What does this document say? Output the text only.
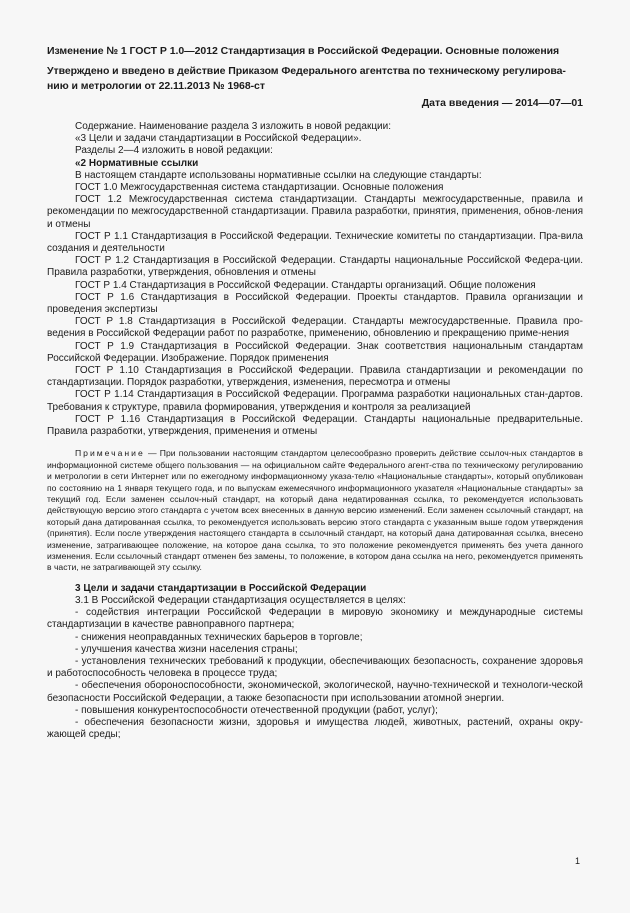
Изменение № 1 ГОСТ Р 1.0—2012 Стандартизация в Российской Федерации. Основные положения

Утверждено и введено в действие Приказом Федерального агентства по техническому регулирова-

нию и метрологии от 22.11.2013 № 1968-ст

Дата введения — 2014—07—01

Содержание. Наименование раздела 3 изложить в новой редакции:

«3 Цели и задачи стандартизации в Российской Федерации».

Разделы 2—4 изложить в новой редакции:

«2 Нормативные ссылки

В настоящем стандарте использованы нормативные ссылки на следующие стандарты:

ГОСТ 1.0 Межгосударственная система стандартизации. Основные положения

ГОСТ 1.2 Межгосударственная система стандартизации. Стандарты межгосударственные, правила и рекомендации по межгосударственной стандартизации. Правила разработки, принятия, применения, обнов-ления и отмены

ГОСТ Р 1.1 Стандартизация в Российской Федерации. Технические комитеты по стандартизации. Пра-вила создания и деятельности

ГОСТ Р 1.2 Стандартизация в Российской Федерации. Стандарты национальные Российской Федера-ции. Правила разработки, утверждения, обновления и отмены

ГОСТ Р 1.4 Стандартизация в Российской Федерации. Стандарты организаций. Общие положения

ГОСТ Р 1.6 Стандартизация в Российской Федерации. Проекты стандартов. Правила организации и проведения экспертизы

ГОСТ Р 1.8 Стандартизация в Российской Федерации. Стандарты межгосударственные. Правила про-ведения в Российской Федерации работ по разработке, применению, обновлению и прекращению приме-нения

ГОСТ Р 1.9 Стандартизация в Российской Федерации. Знак соответствия национальным стандартам Российской Федерации. Изображение. Порядок применения

ГОСТ Р 1.10 Стандартизация в Российской Федерации. Правила стандартизации и рекомендации по стандартизации. Порядок разработки, утверждения, изменения, пересмотра и отмены

ГОСТ Р 1.14 Стандартизация в Российской Федерации. Программа разработки национальных стан-дартов. Требования к структуре, правила формирования, утверждения и контроля за реализацией

ГОСТ Р 1.16 Стандартизация в Российской Федерации. Стандарты национальные предварительные. Правила разработки, утверждения, применения и отмены

Примечание — При пользовании настоящим стандартом целесообразно проверить действие ссылоч-ных стандартов в информационной системе общего пользования — на официальном сайте Федерального агент-ства по техническому регулированию и метрологии в сети Интернет или по ежегодному информационному указа-телю «Национальные стандарты», который опубликован по состоянию на 1 января текущего года, и по выпускам ежемесячного информационного указателя «Национальные стандарты» за текущий год. Если заменен ссылоч-ный стандарт, на который дана недатированная ссылка, то рекомендуется использовать действующую версию этого стандарта с учетом всех внесенных в данную версию изменений. Если заменен ссылочный стандарт, на который дана датированная ссылка, то рекомендуется использовать версию этого стандарта с указанным выше годом утверждения (принятия). Если после утверждения настоящего стандарта в ссылочный стандарт, на который дана датированная ссылка, внесено изменение, затрагивающее положение, на которое дана ссылка, то это положение рекомендуется применять без учета данного изменения. Если ссылочный стандарт отменен без замены, то положение, в котором дана ссылка на него, рекомендуется применять в части, не затрагивающей эту ссылку.

3 Цели и задачи стандартизации в Российской Федерации

3.1 В Российской Федерации стандартизация осуществляется в целях:

- содействия интеграции Российской Федерации в мировую экономику и международные системы стандартизации в качестве равноправного партнера;

- снижения неоправданных технических барьеров в торговле;

- улучшения качества жизни населения страны;

- установления технических требований к продукции, обеспечивающих безопасность, сохранение здоровья и работоспособность человека в процессе труда;

- обеспечения обороноспособности, экономической, экологической, научно-технической и технологи-ческой безопасности Российской Федерации, а также безопасности при использовании атомной энергии.

- повышения конкурентоспособности отечественной продукции (работ, услуг);

- обеспечения безопасности жизни, здоровья и имущества людей, животных, растений, охраны окру-жающей среды;

1
